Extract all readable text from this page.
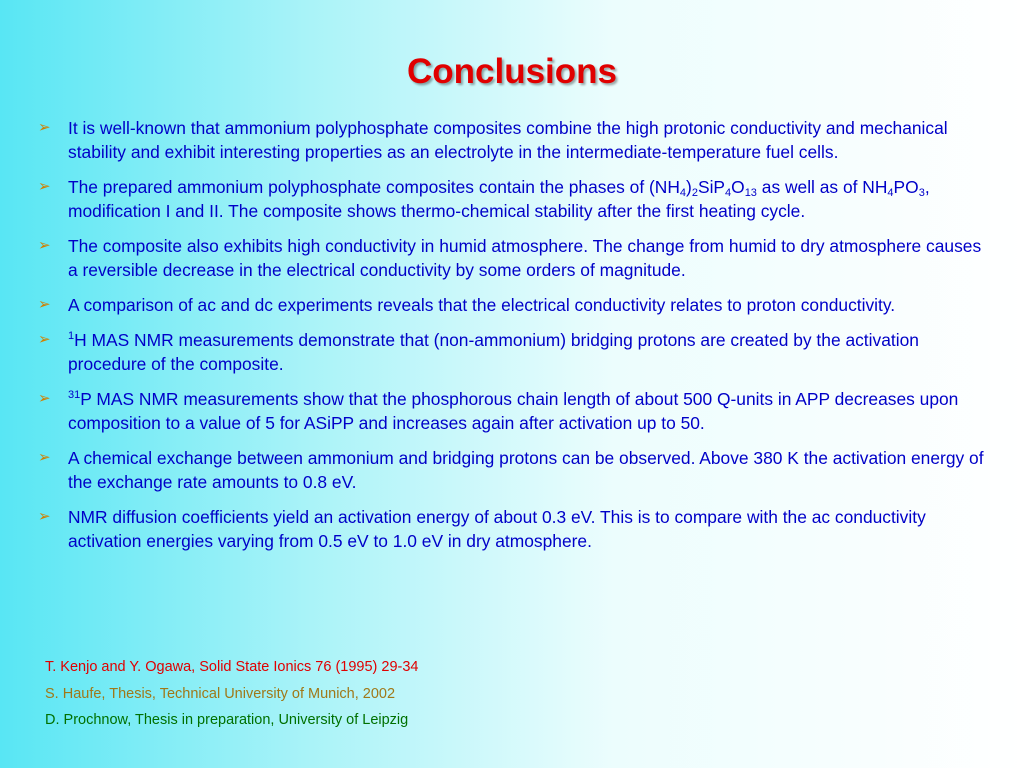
Conclusions
➢ It is well-known that ammonium polyphosphate composites combine the high protonic conductivity and mechanical stability and exhibit interesting properties as an electrolyte in the intermediate-temperature fuel cells.
➢ The prepared ammonium polyphosphate composites contain the phases of $(NH_4)_2SiP_4O_{13}$ as well as of $NH_4PO_3$, modification I and II. The composite shows thermo-chemical stability after the first heating cycle.
➢ The composite also exhibits high conductivity in humid atmosphere. The change from humid to dry atmosphere causes a reversible decrease in the electrical conductivity by some orders of magnitude.
➢ A comparison of ac and dc experiments reveals that the electrical conductivity relates to proton conductivity.
➢ $^1$H MAS NMR measurements demonstrate that (non-ammonium) bridging protons are created by the activation procedure of the composite.
➢ $^{31}$P MAS NMR measurements show that the phosphorous chain length of about 500 Q-units in APP decreases upon composition to a value of 5 for ASiPP and increases again after activation up to 50.
➢ A chemical exchange between ammonium and bridging protons can be observed. Above 380 K the activation energy of the exchange rate amounts to 0.8 eV.
➢ NMR diffusion coefficients yield an activation energy of about 0.3 eV. This is to compare with the ac conductivity activation energies varying from 0.5 eV to 1.0 eV in dry atmosphere.
T. Kenjo and Y. Ogawa, Solid State Ionics 76 (1995) 29-34
S. Haufe, Thesis, Technical University of Munich, 2002
D. Prochnow, Thesis in preparation, University of Leipzig
